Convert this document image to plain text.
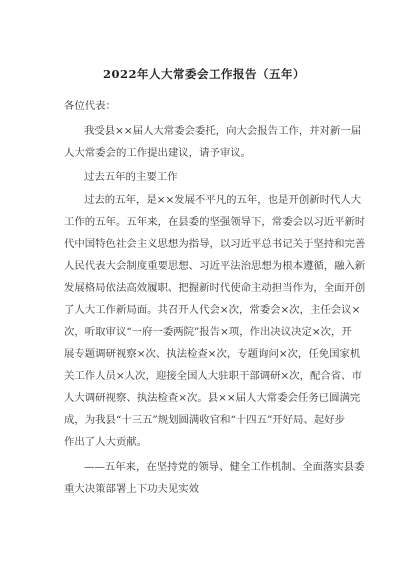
2022年人大常委会工作报告（五年）
各位代表：
我受县××届人大常委会委托，向大会报告工作，并对新一届
人大常委会的工作提出建议，请予审议。
过去五年的主要工作
过去的五年，是××发展不平凡的五年，也是开创新时代人大
工作的五年。五年来，在县委的坚强领导下，常委会以习近平新时
代中国特色社会主义思想为指导，以习近平总书记关于坚持和完善
人民代表大会制度重要思想、习近平法治思想为根本遵循，融入新
发展格局依法高效履职、把握新时代使命主动担当作为，全面开创
了人大工作新局面。共召开人代会×次，常委会×次，主任会议×
次，听取审议“一府一委两院”报告×项，作出决议决定×次，开
展专题调研视察×次、执法检查×次，专题询问×次，任免国家机
关工作人员×人次，迎接全国人大驻职干部调研×次，配合省、市
人大调研视察、执法检查×次。县××届人大常委会任务已圆满完
成，为我县“十三五”规划圆满收官和“十四五”开好局、起好步
作出了人大贡献。
——五年来，在坚持党的领导、健全工作机制、全面落实县委
重大决策部署上下功夫见实效
